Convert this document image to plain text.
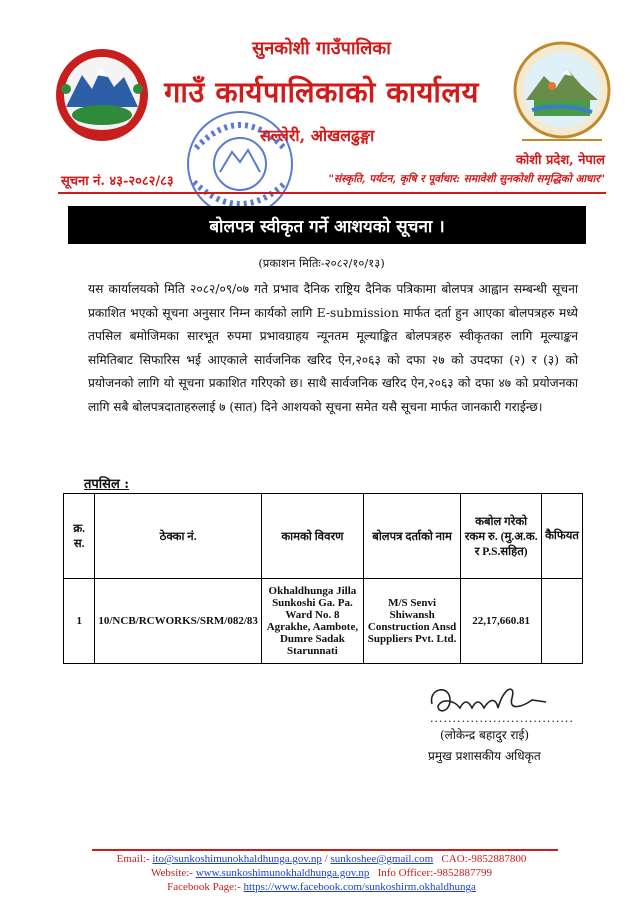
सुनकोशी गाउँपालिका
गाउँ कार्यपालिकाको कार्यालय
सल्लेरी, ओखलढुङ्गा
कोशी प्रदेश, नेपाल
सूचना नं. ४३-२०८२/८३	"संस्कृति, पर्यटन, कृषि र पूर्वाधार: समावेशी सुनकोशी समृद्धिको आधार"
बोलपत्र स्वीकृत गर्ने आशयको सूचना ।
(प्रकाशन मितिः-२०८२/१०/१३)
यस कार्यालयको मिति २०८२/०९/०७ गते प्रभाव दैनिक राष्ट्रिय दैनिक पत्रिकामा बोलपत्र आह्वान सम्बन्धी सूचना प्रकाशित भएको सूचना अनुसार निम्न कार्यको लागि E-submission मार्फत दर्ता हुन आएका बोलपत्रहरु मध्ये तपसिल बमोजिमका सारभूत रुपमा प्रभावग्राहय न्यूनतम मूल्याङ्कित बोलपत्रहरु स्वीकृतका लागि मूल्याङ्कन समितिबाट सिफारिस भई आएकाले सार्वजनिक खरिद ऐन,२०६३ को दफा २७ को उपदफा (२) र (३) को प्रयोजनको लागि यो सूचना प्रकाशित गरिएको छ। साथै सार्वजनिक खरिद ऐन,२०६३ को दफा ४७ को प्रयोजनका लागि सबै बोलपत्रदाताहरुलाई ७ (सात) दिने आशयको सूचना समेत यसै सूचना मार्फत जानकारी गराईन्छ।
तपसिल :
क्र. स.	ठेक्का नं.	कामको विवरण	बोलपत्र दर्ताको नाम	कबोल गरेको रकम रु. (मु.अ.क. र P.S.सहित)	कैफियत
1	10/NCB/RCWORKS/SRM/082/83	Okhaldhunga Jilla Sunkoshi Ga. Pa. Ward No. 8 Agrakhe, Aambote, Dumre Sadak Starunnati	M/S Senvi Shiwansh Construction Ansd Suppliers Pvt. Ltd.	22,17,660.81	
................................
(लोकेन्द्र बहादुर राई)
प्रमुख प्रशासकीय अधिकृत
Email:- ito@sunkoshimunokhaldhunga.gov.np / sunkoshee@gmail.com CAO:-9852887800
Website:- www.sunkoshimunokhaldhunga.gov.np Info Officer:-9852887799
Facebook Page:- https://www.facebook.com/sunkoshirm.okhaldhunga
